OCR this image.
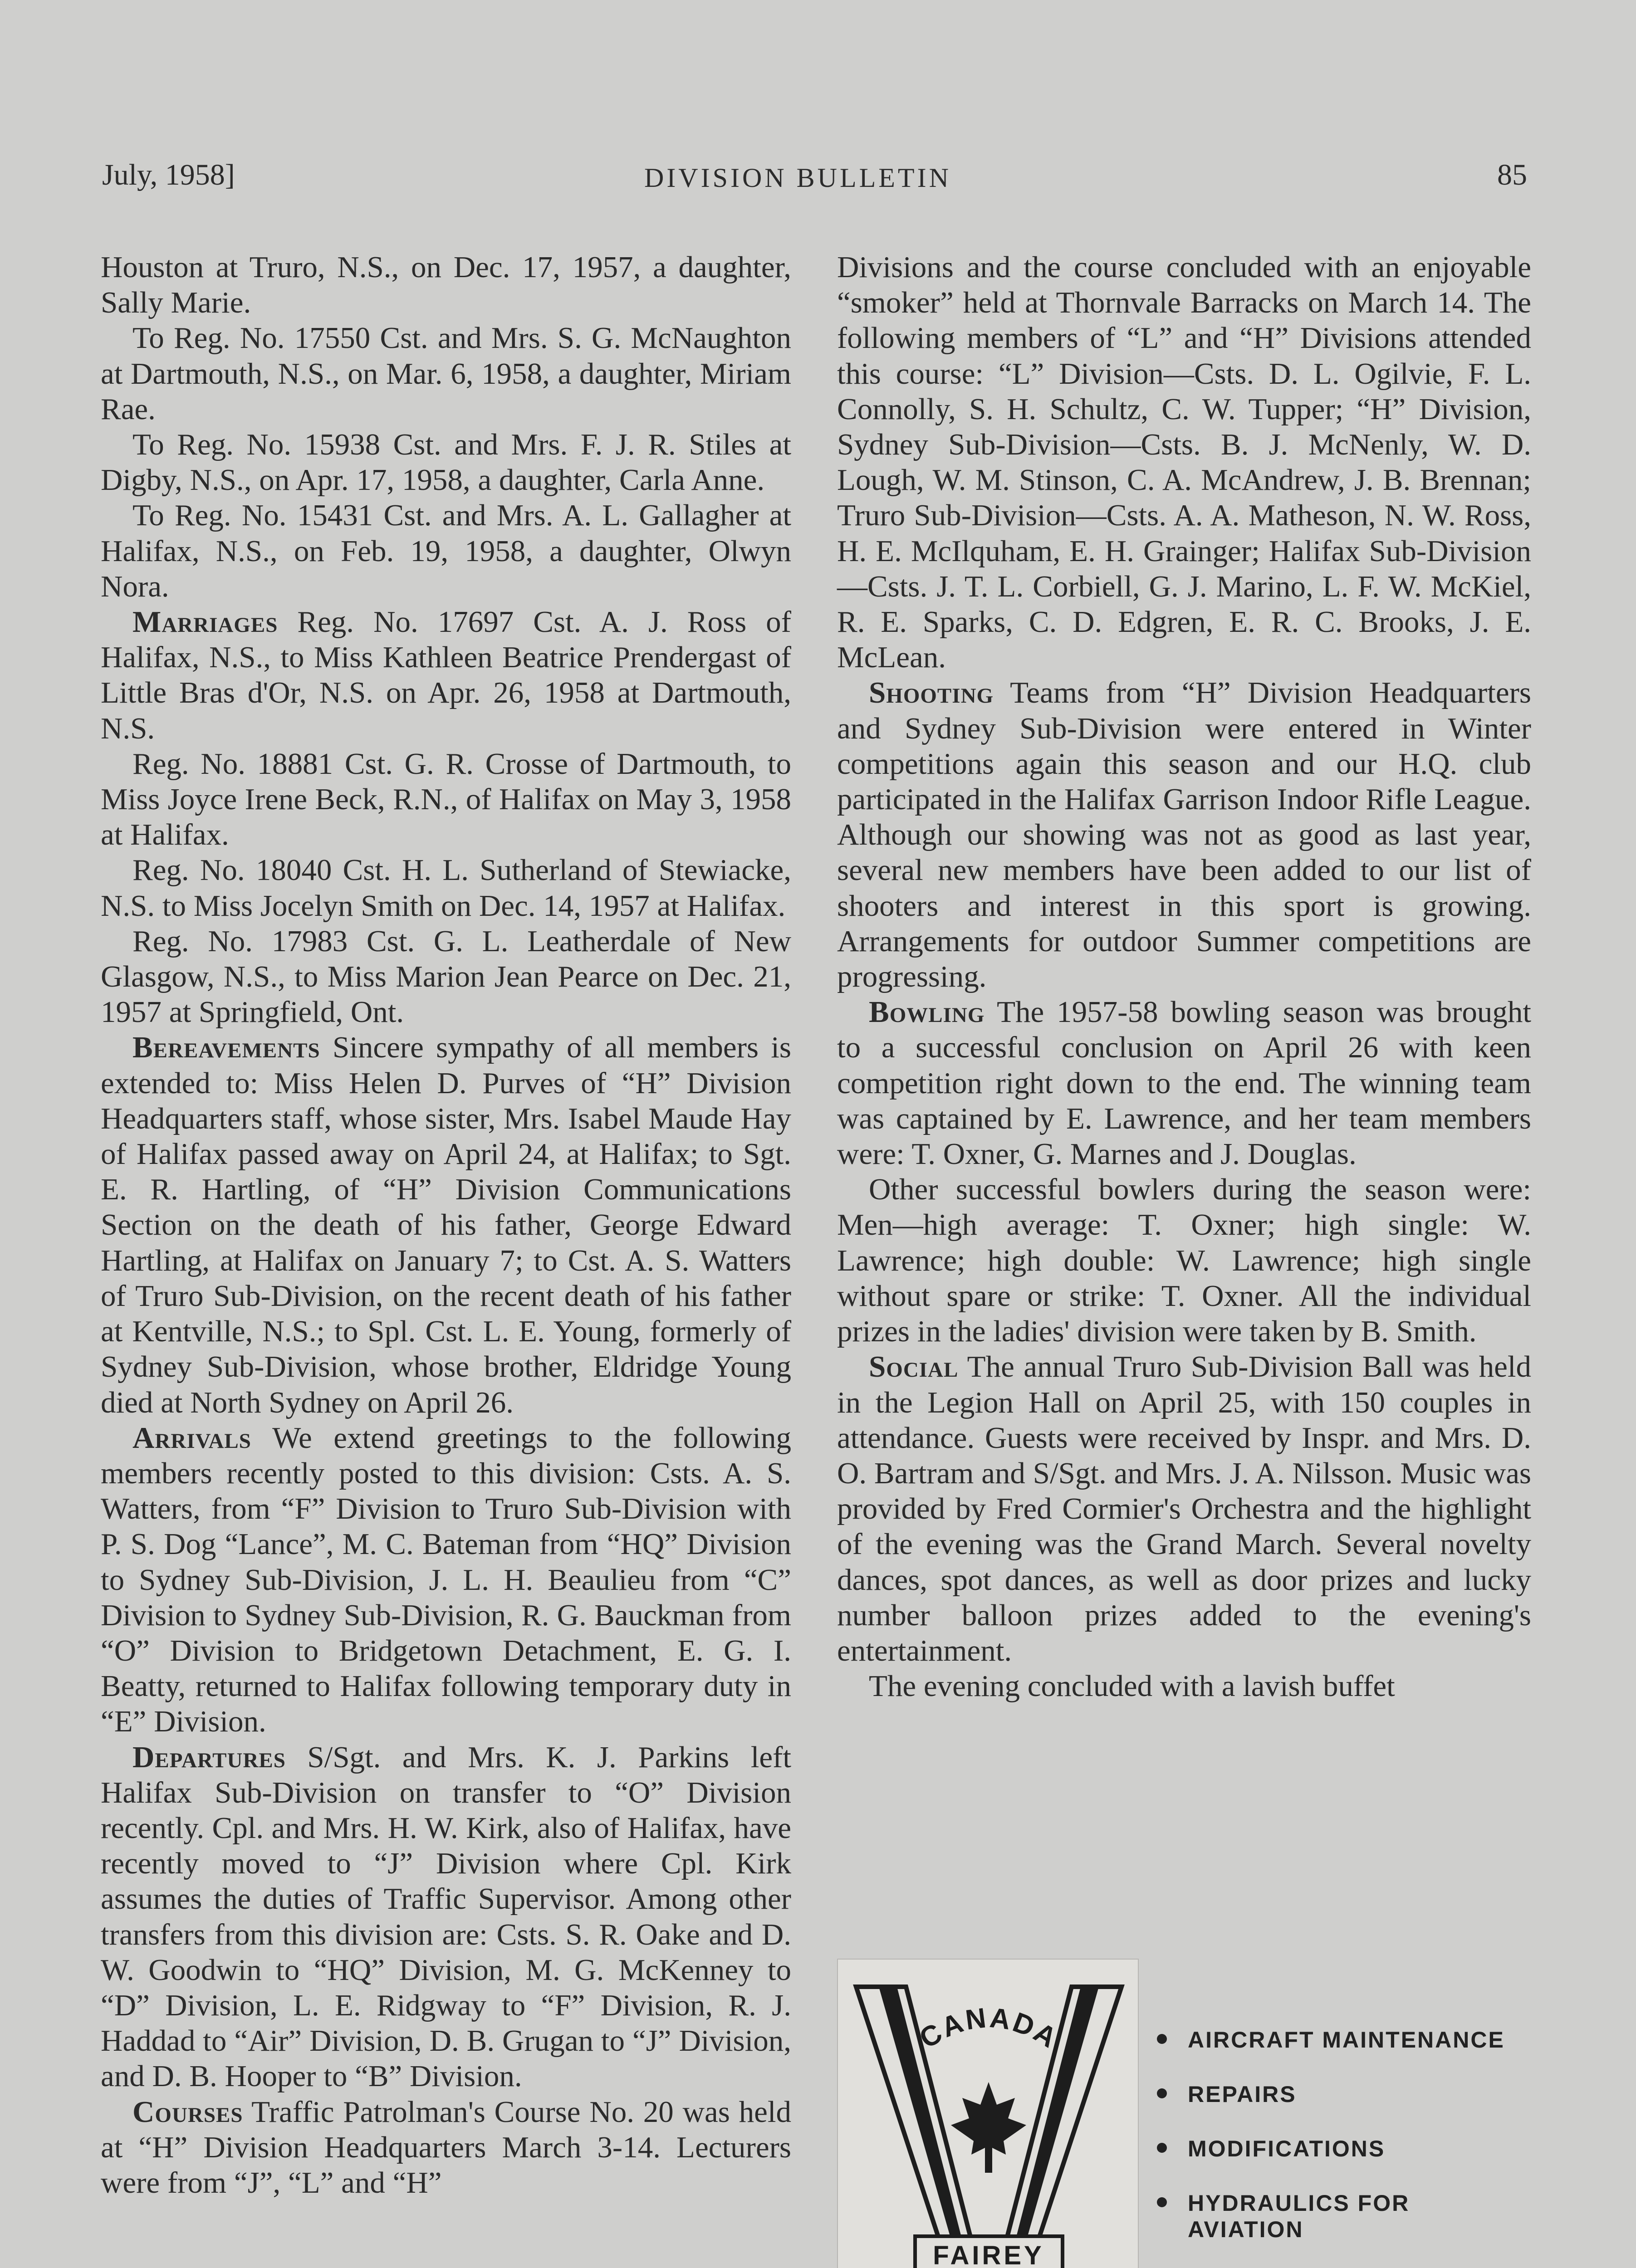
July, 1958]	DIVISION BULLETIN	85

Houston at Truro, N.S., on Dec. 17, 1957, a daughter, Sally Marie.

To Reg. No. 17550 Cst. and Mrs. S. G. McNaughton at Dartmouth, N.S., on Mar. 6, 1958, a daughter, Miriam Rae.

To Reg. No. 15938 Cst. and Mrs. F. J. R. Stiles at Digby, N.S., on Apr. 17, 1958, a daughter, Carla Anne.

To Reg. No. 15431 Cst. and Mrs. A. L. Gallagher at Halifax, N.S., on Feb. 19, 1958, a daughter, Olwyn Nora.

Marriages Reg. No. 17697 Cst. A. J. Ross of Halifax, N.S., to Miss Kathleen Beatrice Prendergast of Little Bras d'Or, N.S. on Apr. 26, 1958 at Dartmouth, N.S.

Reg. No. 18881 Cst. G. R. Crosse of Dartmouth, to Miss Joyce Irene Beck, R.N., of Halifax on May 3, 1958 at Halifax.

Reg. No. 18040 Cst. H. L. Sutherland of Stewiacke, N.S. to Miss Jocelyn Smith on Dec. 14, 1957 at Halifax.

Reg. No. 17983 Cst. G. L. Leatherdale of New Glasgow, N.S., to Miss Marion Jean Pearce on Dec. 21, 1957 at Springfield, Ont.

Bereavements Sincere sympathy of all members is extended to: Miss Helen D. Purves of “H” Division Headquarters staff, whose sister, Mrs. Isabel Maude Hay of Halifax passed away on April 24, at Halifax; to Sgt. E. R. Hartling, of “H” Division Communications Section on the death of his father, George Edward Hartling, at Halifax on January 7; to Cst. A. S. Watters of Truro Sub-Division, on the recent death of his father at Kentville, N.S.; to Spl. Cst. L. E. Young, formerly of Sydney Sub-Division, whose brother, Eldridge Young died at North Sydney on April 26.

Arrivals We extend greetings to the following members recently posted to this division: Csts. A. S. Watters, from “F” Division to Truro Sub-Division with P. S. Dog “Lance”, M. C. Bateman from “HQ” Division to Sydney Sub-Division, J. L. H. Beaulieu from “C” Division to Sydney Sub-Division, R. G. Bauckman from “O” Division to Bridgetown Detachment, E. G. I. Beatty, returned to Halifax following temporary duty in “E” Division.

Departures S/Sgt. and Mrs. K. J. Parkins left Halifax Sub-Division on transfer to “O” Division recently. Cpl. and Mrs. H. W. Kirk, also of Halifax, have recently moved to “J” Division where Cpl. Kirk assumes the duties of Traffic Supervisor. Among other transfers from this division are: Csts. S. R. Oake and D. W. Goodwin to “HQ” Division, M. G. McKenney to “D” Division, L. E. Ridgway to “F” Division, R. J. Haddad to “Air” Division, D. B. Grugan to “J” Division, and D. B. Hooper to “B” Division.

Courses Traffic Patrolman's Course No. 20 was held at “H” Division Headquarters March 3-14. Lecturers were from “J”, “L” and “H”

Divisions and the course concluded with an enjoyable “smoker” held at Thornvale Barracks on March 14. The following members of “L” and “H” Divisions attended this course: “L” Division—Csts. D. L. Ogilvie, F. L. Connolly, S. H. Schultz, C. W. Tupper; “H” Division, Sydney Sub-Division—Csts. B. J. McNenly, W. D. Lough, W. M. Stinson, C. A. McAndrew, J. B. Brennan; Truro Sub-Division—Csts. A. A. Matheson, N. W. Ross, H. E. McIlquham, E. H. Grainger; Halifax Sub-Division—Csts. J. T. L. Corbiell, G. J. Marino, L. F. W. McKiel, R. E. Sparks, C. D. Edgren, E. R. C. Brooks, J. E. McLean.

Shooting Teams from “H” Division Headquarters and Sydney Sub-Division were entered in Winter competitions again this season and our H.Q. club participated in the Halifax Garrison Indoor Rifle League. Although our showing was not as good as last year, several new members have been added to our list of shooters and interest in this sport is growing. Arrangements for outdoor Summer competitions are progressing.

Bowling The 1957-58 bowling season was brought to a successful conclusion on April 26 with keen competition right down to the end. The winning team was captained by E. Lawrence, and her team members were: T. Oxner, G. Marnes and J. Douglas.

Other successful bowlers during the season were: Men—high average: T. Oxner; high single: W. Lawrence; high double: W. Lawrence; high single without spare or strike: T. Oxner. All the individual prizes in the ladies' division were taken by B. Smith.

Social The annual Truro Sub-Division Ball was held in the Legion Hall on April 25, with 150 couples in attendance. Guests were received by Inspr. and Mrs. D. O. Bartram and S/Sgt. and Mrs. J. A. Nilsson. Music was provided by Fred Cormier's Orchestra and the highlight of the evening was the Grand March. Several novelty dances, spot dances, as well as door prizes and lucky number balloon prizes added to the evening's entertainment.

The evening concluded with a lavish buffet

CANADA
FAIREY
AIRCRAFT MAINTENANCE
REPAIRS
MODIFICATIONS
HYDRAULICS FOR
AVIATION
